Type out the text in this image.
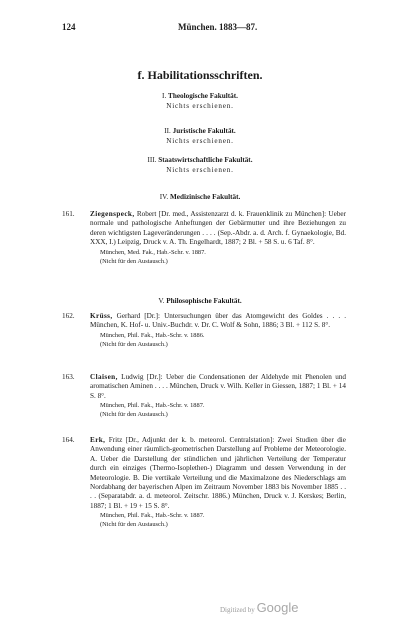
124	München. 1883—87.
f. Habilitationsschriften.
I. Theologische Fakultät.
Nichts erschienen.
II. Juristische Fakultät.
Nichts erschienen.
III. Staatswirtschaftliche Fakultät.
Nichts erschienen.
IV. Medizinische Fakultät.
161.	Ziegenspeck, Robert [Dr. med., Assistenzarzt d. k. Frauenklinik zu München]: Ueber normale und pathologische Anheftungen der Gebärmutter und ihre Beziehungen zu deren wichtigsten Lageveränderungen . . . . (Sep.-Abdr. a. d. Arch. f. Gynaekologie, Bd. XXX, I.) Leipzig, Druck v. A. Th. Engelhardt, 1887; 2 Bl. + 58 S. u. 6 Taf. 8°.

München, Med. Fak., Hab.-Schr. v. 1887.

(Nicht für den Austausch.)

V. Philosophische Fakultät.
162.	Krüss, Gerhard [Dr.]: Untersuchungen über das Atomgewicht des Goldes . . . . München, K. Hof- u. Univ.-Buchdr. v. Dr. C. Wolf & Sohn, 1886; 3 Bl. + 112 S. 8°.

München, Phil. Fak., Hab.-Schr. v. 1886.

(Nicht für den Austausch.)

163.	Claisen, Ludwig [Dr.]: Ueber die Condensationen der Aldehyde mit Phenolen und aromatischen Aminen . . . . München, Druck v. Wilh. Keller in Giessen, 1887; 1 Bl. + 14 S. 8°.

München, Phil. Fak., Hab.-Schr. v. 1887.

(Nicht für den Austausch.)

164.	Erk, Fritz [Dr., Adjunkt der k. b. meteorol. Centralstation]: Zwei Studien über die Anwendung einer räumlich-geometrischen Darstellung auf Probleme der Meteorologie. A. Ueber die Darstellung der stündlichen und jährlichen Verteilung der Temperatur durch ein einziges (Thermo-Isoplethen-) Diagramm und dessen Verwendung in der Meteorologie. B. Die vertikale Verteilung und die Maximalzone des Niederschlags am Nordabhang der bayerischen Alpen im Zeitraum November 1883 bis November 1885 . . . . (Separatabdr. a. d. meteorol. Zeitschr. 1886.) München, Druck v. J. Kerskes; Berlin, 1887; 1 Bl. + 19 + 15 S. 8°.

München, Phil. Fak., Hab.-Schr. v. 1887.

(Nicht für den Austausch.)

Digitized by Google
